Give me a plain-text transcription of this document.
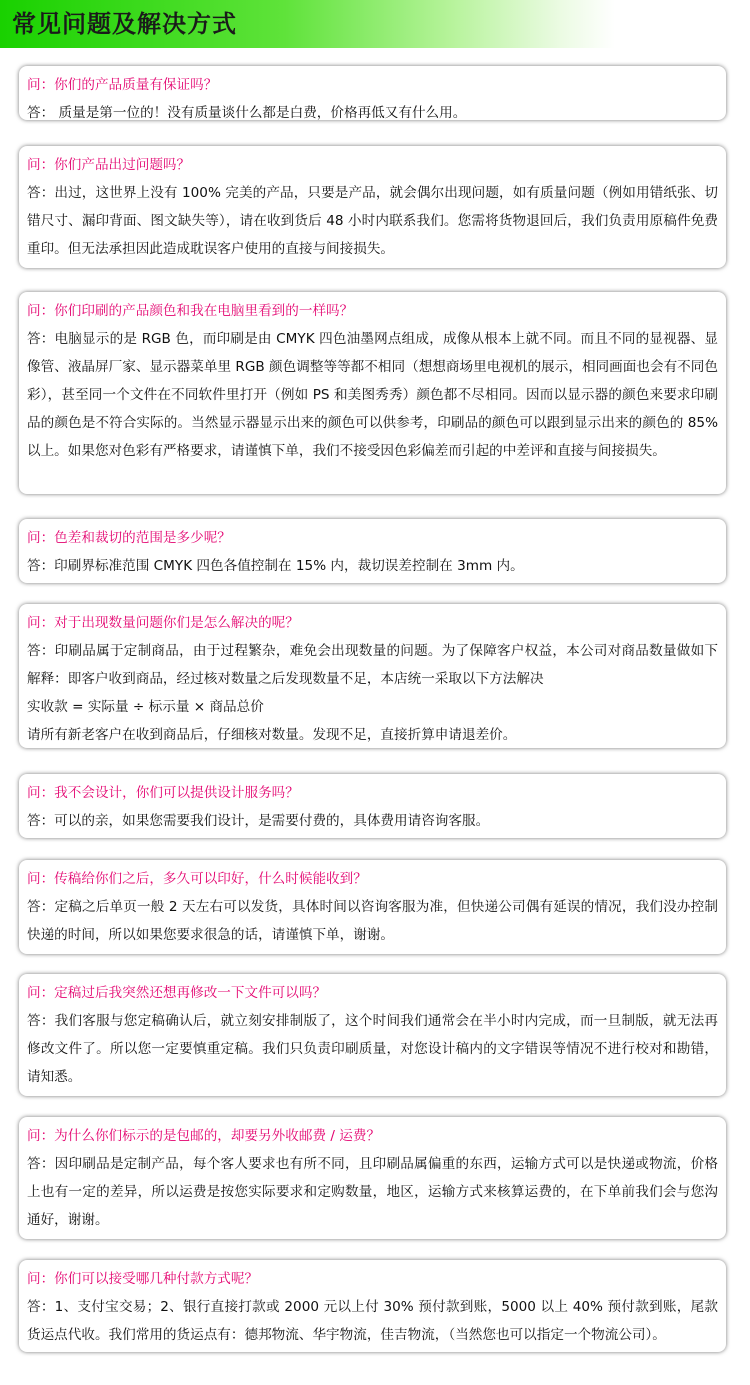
常见问题及解决方式
问：你们的产品质量有保证吗？
答： 质量是第一位的！没有质量谈什么都是白费，价格再低又有什么用。
问：你们产品出过问题吗？
答：出过，这世界上没有 100% 完美的产品，只要是产品，就会偶尔出现问题，如有质量问题（例如用错纸张、切错尺寸、漏印背面、图文缺失等），请在收到货后 48 小时内联系我们。您需将货物退回后，我们负责用原稿件免费重印。但无法承担因此造成耽误客户使用的直接与间接损失。
问：你们印刷的产品颜色和我在电脑里看到的一样吗？
答：电脑显示的是 RGB 色，而印刷是由 CMYK 四色油墨网点组成，成像从根本上就不同。而且不同的显视器、显像管、液晶屏厂家、显示器菜单里 RGB 颜色调整等等都不相同（想想商场里电视机的展示，相同画面也会有不同色彩），甚至同一个文件在不同软件里打开（例如 PS 和美图秀秀）颜色都不尽相同。因而以显示器的颜色来要求印刷品的颜色是不符合实际的。当然显示器显示出来的颜色可以供参考，印刷品的颜色可以跟到显示出来的颜色的 85% 以上。如果您对色彩有严格要求，请谨慎下单，我们不接受因色彩偏差而引起的中差评和直接与间接损失。
问：色差和裁切的范围是多少呢？
答：印刷界标准范围 CMYK 四色各值控制在 15% 内，裁切误差控制在 3mm 内。
问：对于出现数量问题你们是怎么解决的呢？
答：印刷品属于定制商品，由于过程繁杂，难免会出现数量的问题。为了保障客户权益，本公司对商品数量做如下解释：即客户收到商品，经过核对数量之后发现数量不足，本店统一采取以下方法解决
实收款 = 实际量 ÷ 标示量 × 商品总价
请所有新老客户在收到商品后，仔细核对数量。发现不足，直接折算申请退差价。
问：我不会设计，你们可以提供设计服务吗？
答：可以的亲，如果您需要我们设计，是需要付费的，具体费用请咨询客服。
问：传稿给你们之后，多久可以印好，什么时候能收到？
答：定稿之后单页一般 2 天左右可以发货，具体时间以咨询客服为准，但快递公司偶有延误的情况，我们没办控制快递的时间，所以如果您要求很急的话，请谨慎下单，谢谢。
问：定稿过后我突然还想再修改一下文件可以吗？
答：我们客服与您定稿确认后，就立刻安排制版了，这个时间我们通常会在半小时内完成，而一旦制版，就无法再修改文件了。所以您一定要慎重定稿。我们只负责印刷质量，对您设计稿内的文字错误等情况不进行校对和勘错，请知悉。
问：为什么你们标示的是包邮的，却要另外收邮费 / 运费？
答：因印刷品是定制产品，每个客人要求也有所不同，且印刷品属偏重的东西，运输方式可以是快递或物流，价格上也有一定的差异，所以运费是按您实际要求和定购数量，地区，运输方式来核算运费的，在下单前我们会与您沟通好，谢谢。
问：你们可以接受哪几种付款方式呢？
答：1、支付宝交易；2、银行直接打款或 2000 元以上付 30% 预付款到账，5000 以上 40% 预付款到账，尾款货运点代收。我们常用的货运点有：德邦物流、华宇物流，佳吉物流，（当然您也可以指定一个物流公司）。
